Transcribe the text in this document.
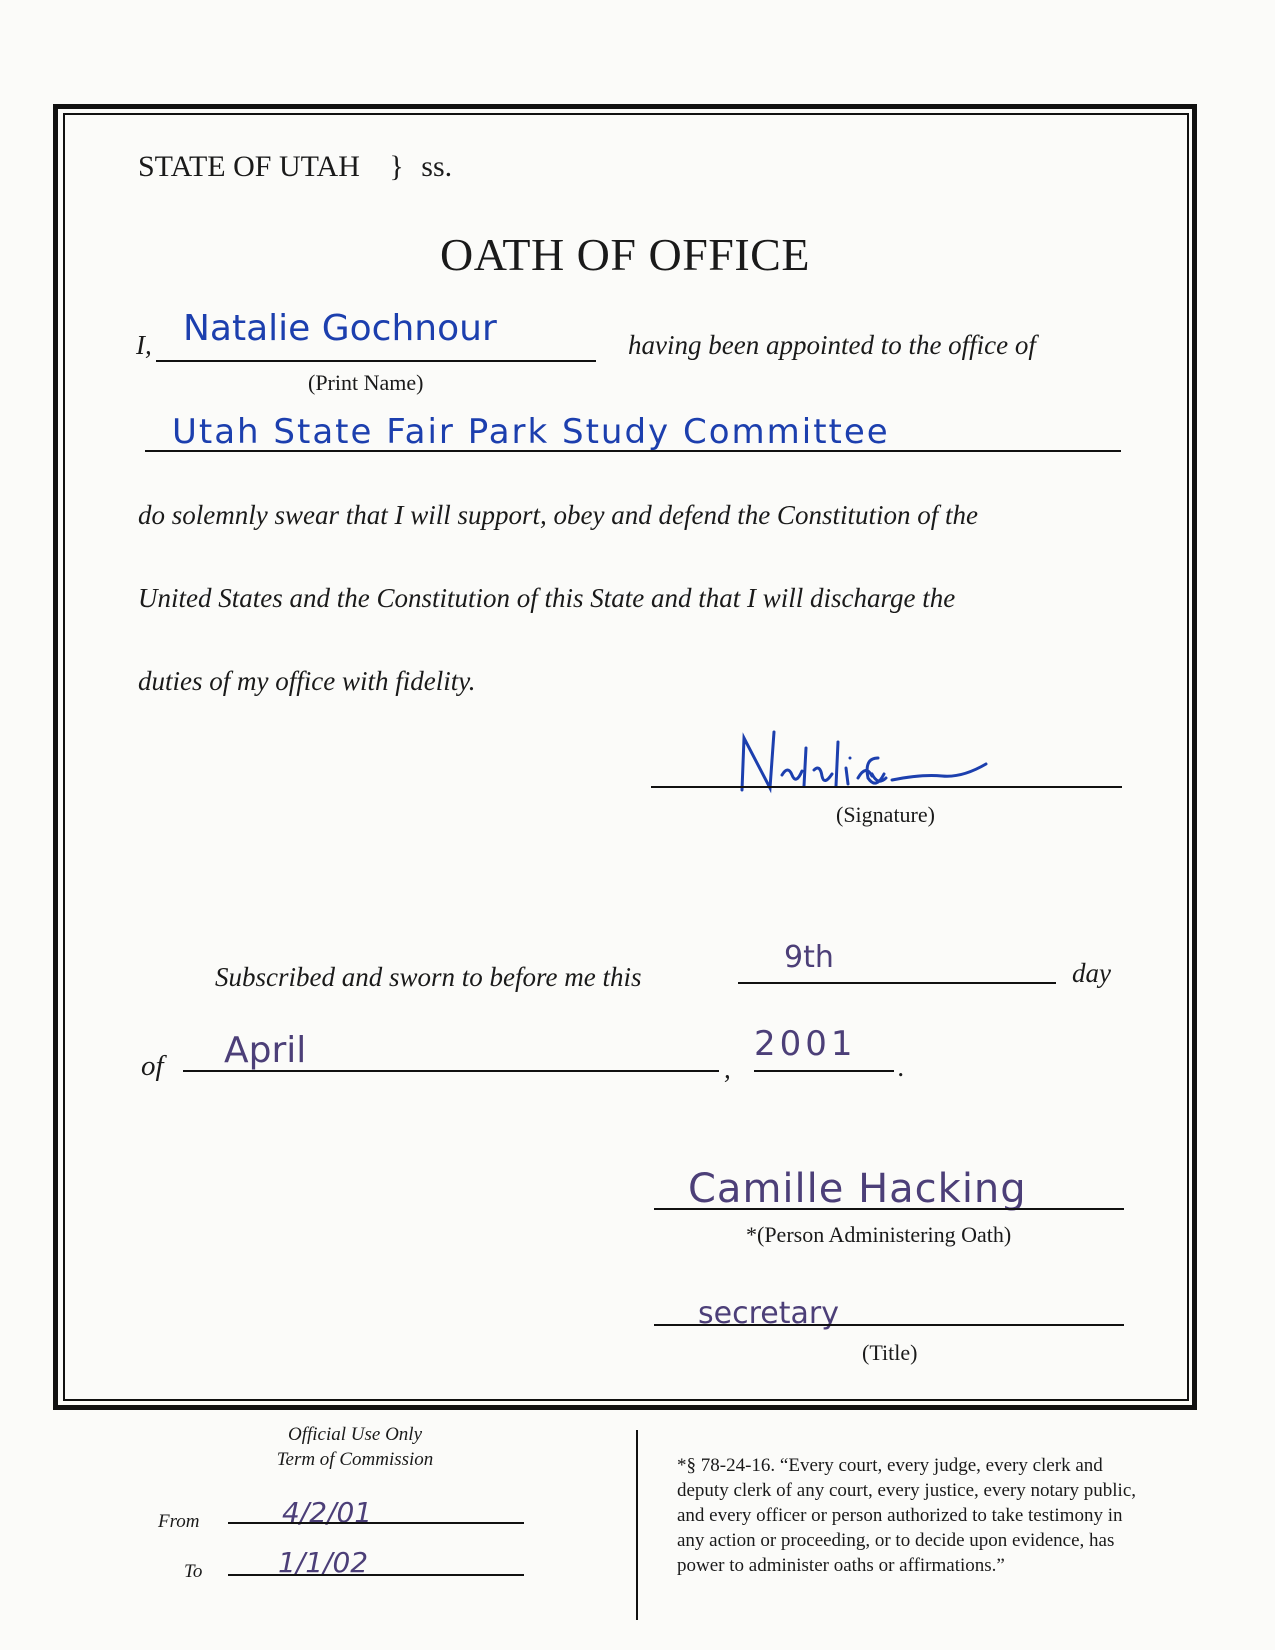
STATE OF UTAH } ss.
OATH OF OFFICE
I, Natalie Gochnour
(Print Name)
having been appointed to the office of
Utah State Fair Park Study Committee
do solemnly swear that I will support, obey and defend the Constitution of the
United States and the Constitution of this State and that I will discharge the
duties of my office with fidelity.
(Signature)
Subscribed and sworn to before me this
9th	day
of April	,
2001
.
Camille Hacking
*(Person Administering Oath)
secretary
(Title)
Official Use Only
Term of Commission
From	4/2/01
To	1/1/02
*§ 78-24-16. “Every court, every judge, every clerk and
deputy clerk of any court, every justice, every notary public,
and every officer or person authorized to take testimony in
any action or proceeding, or to decide upon evidence, has
power to administer oaths or affirmations.”
